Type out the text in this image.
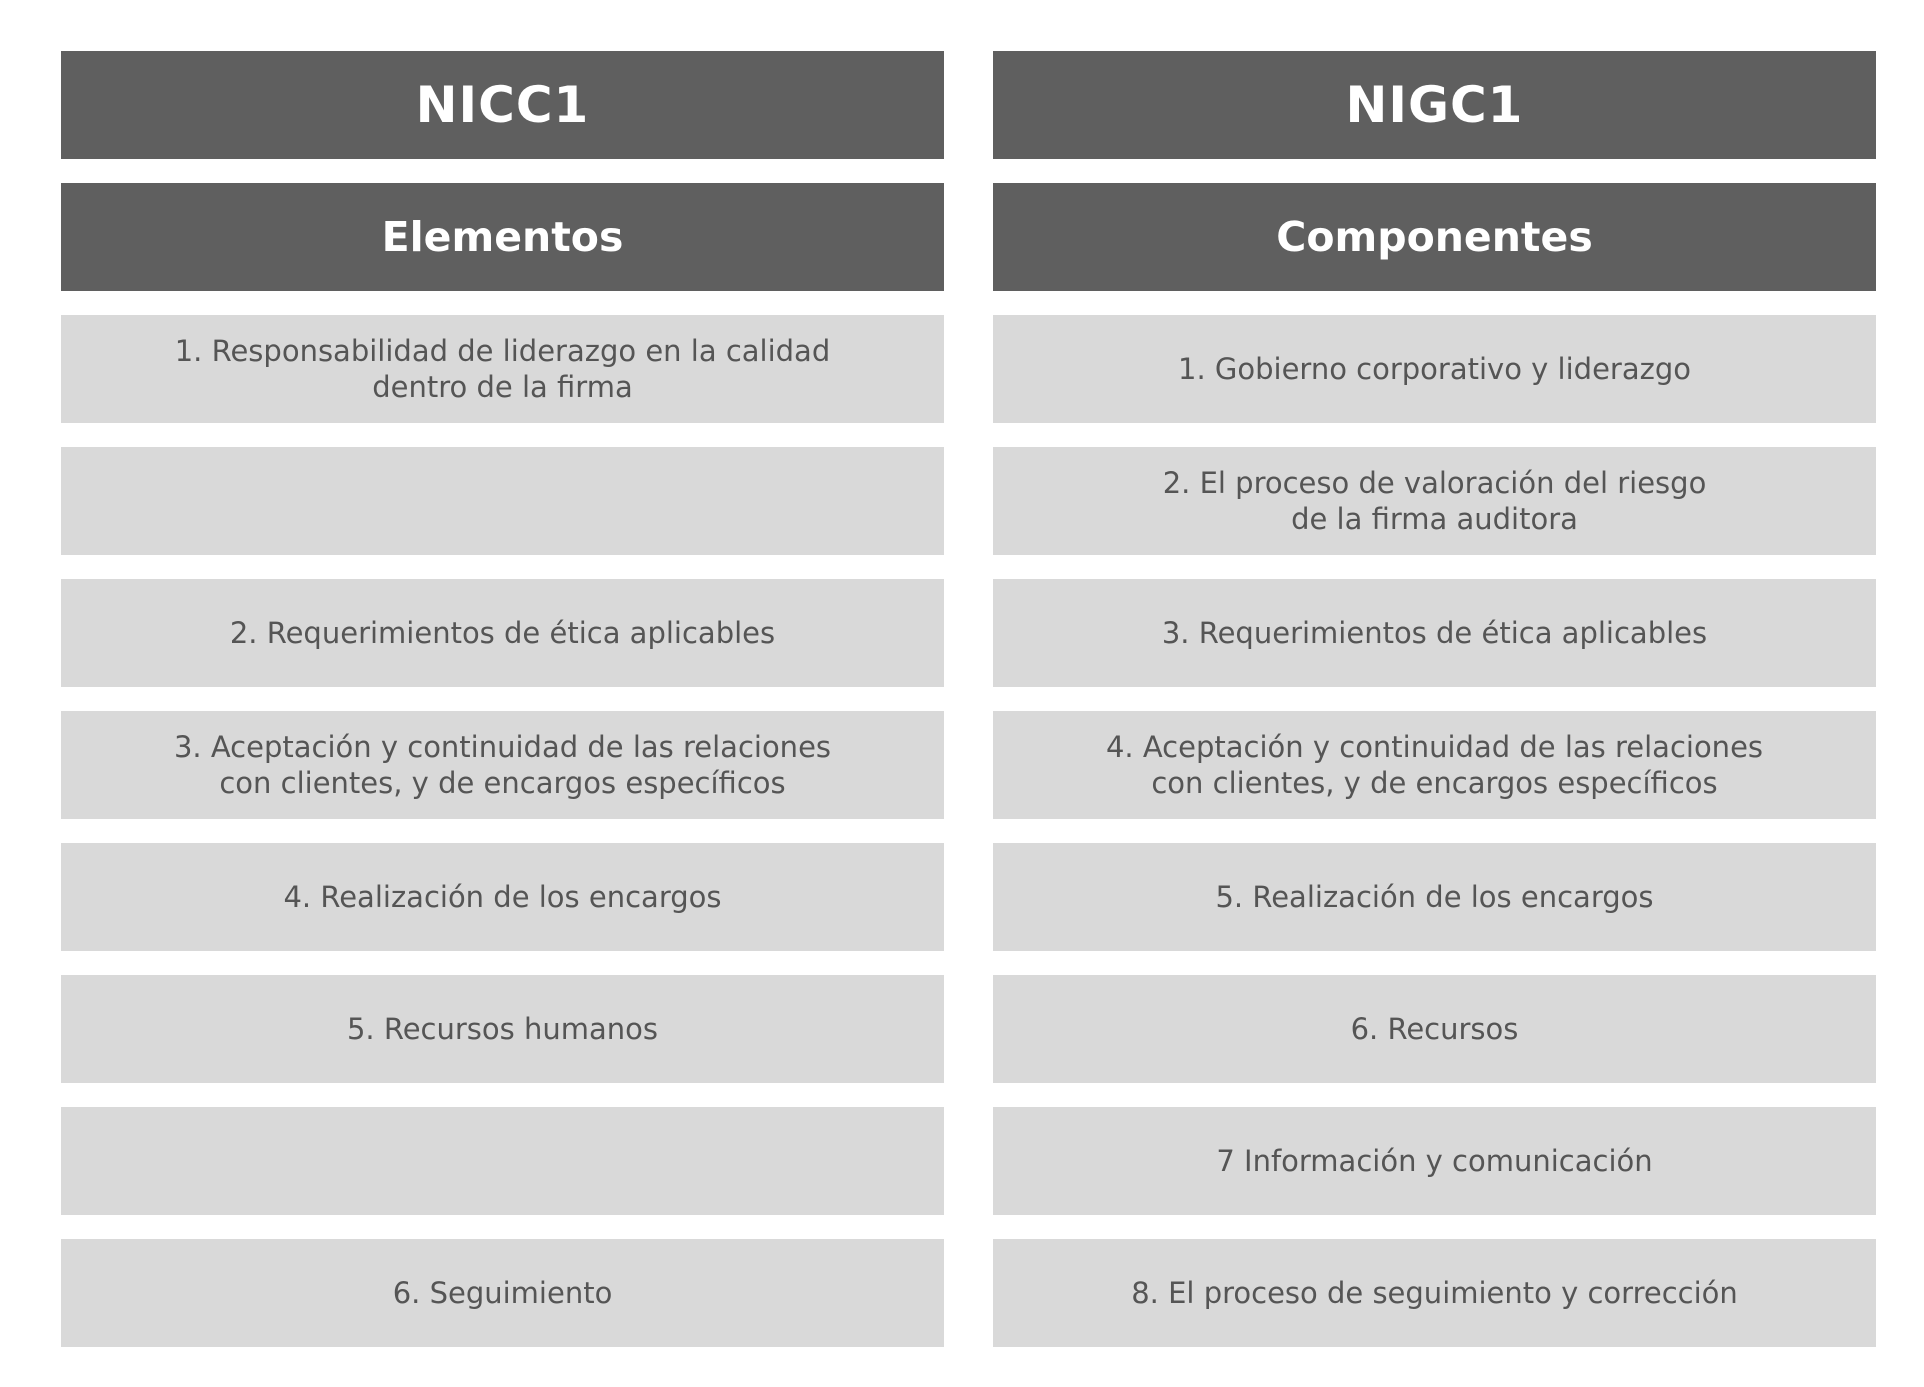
NICC1
Elementos
1. Responsabilidad de liderazgo en la calidad
dentro de la firma
2. Requerimientos de ética aplicables
3. Aceptación y continuidad de las relaciones
con clientes, y de encargos específicos
4. Realización de los encargos
5. Recursos humanos
6. Seguimiento
NIGC1
Componentes
1. Gobierno corporativo y liderazgo
2. El proceso de valoración del riesgo
de la firma auditora
3. Requerimientos de ética aplicables
4. Aceptación y continuidad de las relaciones
con clientes, y de encargos específicos
5. Realización de los encargos
6. Recursos
7 Información y comunicación
8. El proceso de seguimiento y corrección
